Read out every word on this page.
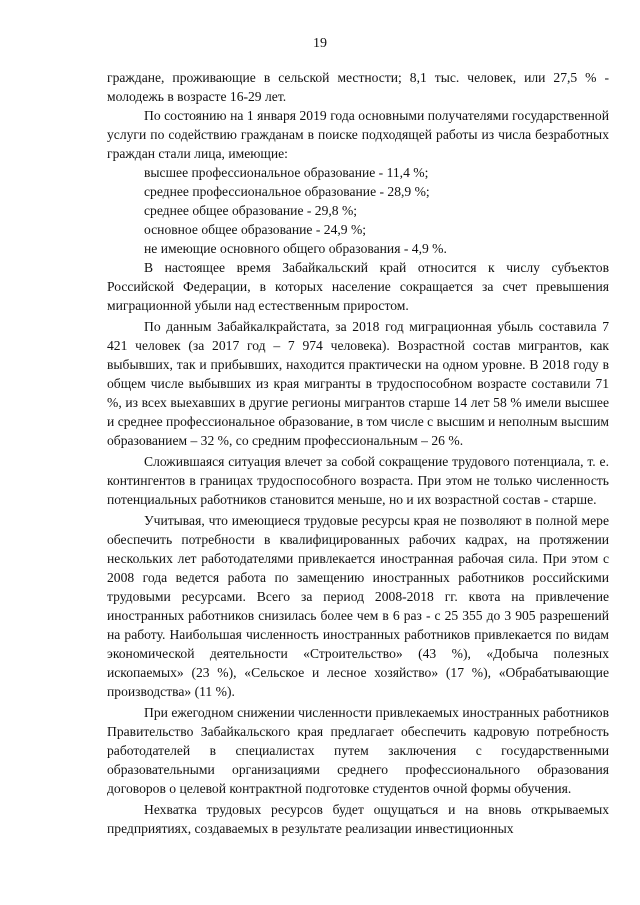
19

граждане, проживающие в сельской местности; 8,1 тыс. человек, или 27,5 % - молодежь в возрасте 16-29 лет.

По состоянию на 1 января 2019 года основными получателями государственной услуги по содействию гражданам в поиске подходящей работы из числа безработных граждан стали лица, имеющие:

высшее профессиональное образование - 11,4 %;
среднее профессиональное образование - 28,9 %;
среднее общее образование - 29,8 %;
основное общее образование - 24,9 %;
не имеющие основного общего образования - 4,9 %.

В настоящее время Забайкальский край относится к числу субъектов Российской Федерации, в которых население сокращается за счет превышения миграционной убыли над естественным приростом.

По данным Забайкалкрайстата, за 2018 год миграционная убыль составила 7 421 человек (за 2017 год – 7 974 человека). Возрастной состав мигрантов, как выбывших, так и прибывших, находится практически на одном уровне. В 2018 году в общем числе выбывших из края мигранты в трудоспособном возрасте составили 71 %, из всех выехавших в другие регионы мигрантов старше 14 лет 58 % имели высшее и среднее профессиональное образование, в том числе с высшим и неполным высшим образованием – 32 %, со средним профессиональным – 26 %.

Сложившаяся ситуация влечет за собой сокращение трудового потенциала, т. е. контингентов в границах трудоспособного возраста. При этом не только численность потенциальных работников становится меньше, но и их возрастной состав - старше.

Учитывая, что имеющиеся трудовые ресурсы края не позволяют в полной мере обеспечить потребности в квалифицированных рабочих кадрах, на протяжении нескольких лет работодателями привлекается иностранная рабочая сила. При этом с 2008 года ведется работа по замещению иностранных работников российскими трудовыми ресурсами. Всего за период 2008-2018 гг. квота на привлечение иностранных работников снизилась более чем в 6 раз - с 25 355 до 3 905 разрешений на работу. Наибольшая численность иностранных работников привлекается по видам экономической деятельности «Строительство» (43 %), «Добыча полезных ископаемых» (23 %), «Сельское и лесное хозяйство» (17 %), «Обрабатывающие производства» (11 %).

При ежегодном снижении численности привлекаемых иностранных работников Правительство Забайкальского края предлагает обеспечить кадровую потребность работодателей в специалистах путем заключения с государственными образовательными организациями среднего профессионального образования договоров о целевой контрактной подготовке студентов очной формы обучения.

Нехватка трудовых ресурсов будет ощущаться и на вновь открываемых предприятиях, создаваемых в результате реализации инвестиционных
